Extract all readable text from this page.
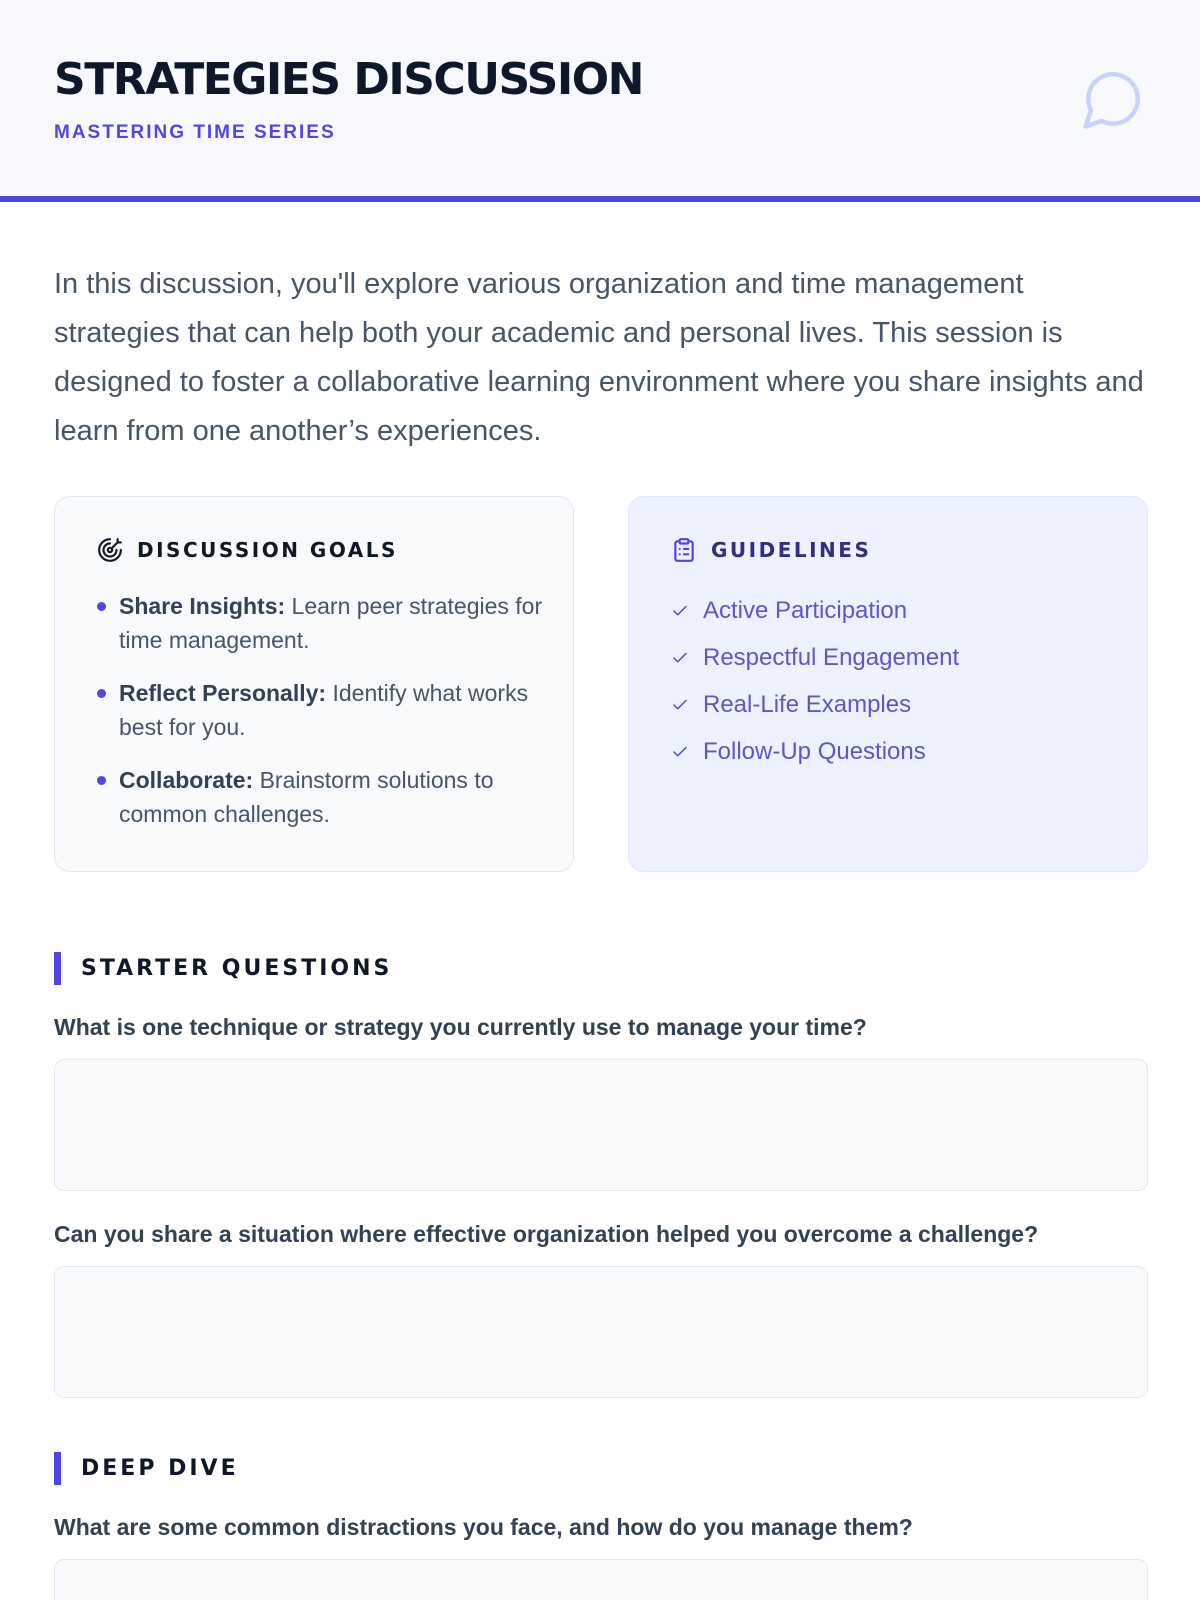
STRATEGIES DISCUSSION
MASTERING TIME SERIES

In this discussion, you'll explore various organization and time management strategies that can help both your academic and personal lives. This session is designed to foster a collaborative learning environment where you share insights and learn from one another’s experiences.

DISCUSSION GOALS
Share Insights: Learn peer strategies for time management.
Reflect Personally: Identify what works best for you.
Collaborate: Brainstorm solutions to common challenges.
GUIDELINES
Active Participation
Respectful Engagement
Real-Life Examples
Follow-Up Questions
STARTER QUESTIONS
What is one technique or strategy you currently use to manage your time?
Can you share a situation where effective organization helped you overcome a challenge?
DEEP DIVE
What are some common distractions you face, and how do you manage them?
